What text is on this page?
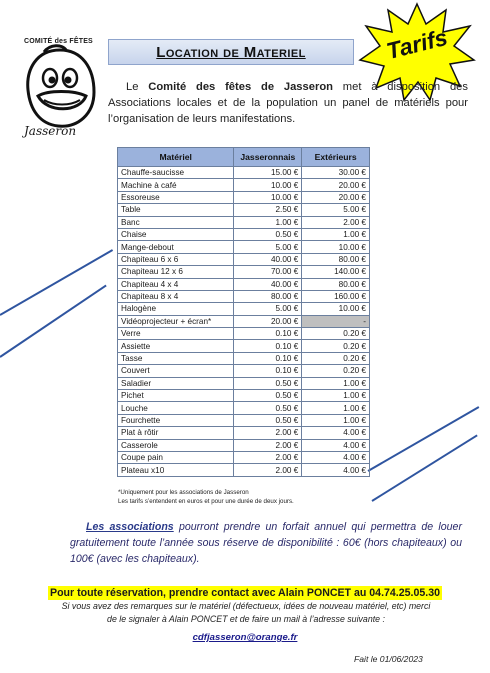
COMITÉ des FÊTES
Jasseron
Location de Materiel	Tarifs

Le Comité des fêtes de Jasseron met à disposition des Associations locales et de la population un panel de matériels pour l’organisation de leurs manifestations.

Matériel	Jasseronnais	Extérieurs
Chauffe-saucisse	15.00 €	30.00 €
Machine à café	10.00 €	20.00 €
Essoreuse	10.00 €	20.00 €
Table	2.50 €	5.00 €
Banc	1.00 €	2.00 €
Chaise	0.50 €	1.00 €
Mange-debout	5.00 €	10.00 €
Chapiteau 6 x 6	40.00 €	80.00 €
Chapiteau 12 x 6	70.00 €	140.00 €
Chapiteau 4 x 4	40.00 €	80.00 €
Chapiteau 8 x 4	80.00 €	160.00 €
Halogène	5.00 €	10.00 €
Vidéoprojecteur + écran*	20.00 €	-
Verre	0.10 €	0.20 €
Assiette	0.10 €	0.20 €
Tasse	0.10 €	0.20 €
Couvert	0.10 €	0.20 €
Saladier	0.50 €	1.00 €
Pichet	0.50 €	1.00 €
Louche	0.50 €	1.00 €
Fourchette	0.50 €	1.00 €
Plat à rôtir	2.00 €	4.00 €
Casserole	2.00 €	4.00 €
Coupe pain	2.00 €	4.00 €
Plateau x10	2.00 €	4.00 €
*Uniquement pour les associations de Jasseron
Les tarifs s’entendent en euros et pour une durée de deux jours.

Les associations pourront prendre un forfait annuel qui permettra de louer gratuitement toute l’année sous réserve de disponibilité : 60€ (hors chapiteaux) ou 100€ (avec les chapiteaux).

Pour toute réservation, prendre contact avec Alain PONCET au 04.74.25.05.30
Si vous avez des remarques sur le matériel (défectueux, idées de nouveau matériel, etc) merci
de le signaler à Alain PONCET et de faire un mail à l’adresse suivante :
cdfjasseron@orange.fr
Fait le 01/06/2023
